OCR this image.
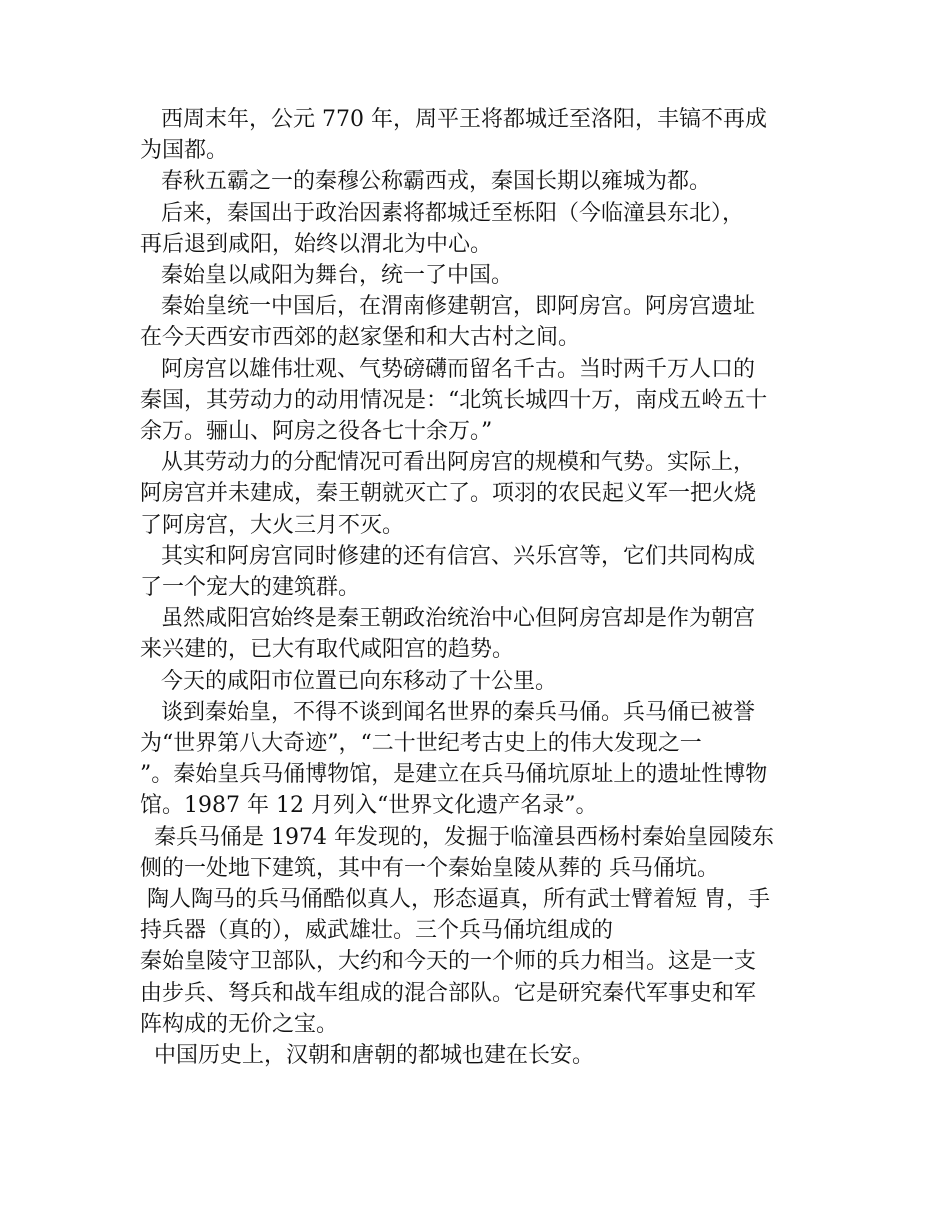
西周末年，公元 770 年，周平王将都城迁至洛阳，丰镐不再成
为国都。
春秋五霸之一的秦穆公称霸西戎，秦国长期以雍城为都。
后来，秦国出于政治因素将都城迁至栎阳（今临潼县东北），
再后退到咸阳，始终以渭北为中心。
秦始皇以咸阳为舞台，统一了中国。
秦始皇统一中国后，在渭南修建朝宫，即阿房宫。阿房宫遗址
在今天西安市西郊的赵家堡和和大古村之间。
阿房宫以雄伟壮观、气势磅礴而留名千古。当时两千万人口的
秦国，其劳动力的动用情况是：“北筑长城四十万，南戍五岭五十
余万。骊山、阿房之役各七十余万。”
从其劳动力的分配情况可看出阿房宫的规模和气势。实际上，
阿房宫并未建成，秦王朝就灭亡了。项羽的农民起义军一把火烧
了阿房宫，大火三月不灭。
其实和阿房宫同时修建的还有信宫、兴乐宫等，它们共同构成
了一个宠大的建筑群。
虽然咸阳宫始终是秦王朝政治统治中心但阿房宫却是作为朝宫
来兴建的，已大有取代咸阳宫的趋势。
今天的咸阳市位置已向东移动了十公里。
谈到秦始皇，不得不谈到闻名世界的秦兵马俑。兵马俑已被誉
为“世界第八大奇迹”，“二十世纪考古史上的伟大发现之一
”。秦始皇兵马俑博物馆，是建立在兵马俑坑原址上的遗址性博物
馆。1987 年 12 月列入“世界文化遗产名录”。
秦兵马俑是 1974 年发现的，发掘于临潼县西杨村秦始皇园陵东
侧的一处地下建筑，其中有一个秦始皇陵从葬的 兵马俑坑。
陶人陶马的兵马俑酷似真人，形态逼真，所有武士臂着短 胄，手
持兵器（真的），威武雄壮。三个兵马俑坑组成的
秦始皇陵守卫部队，大约和今天的一个师的兵力相当。这是一支
由步兵、弩兵和战车组成的混合部队。它是研究秦代军事史和军
阵构成的无价之宝。
中国历史上，汉朝和唐朝的都城也建在长安。
